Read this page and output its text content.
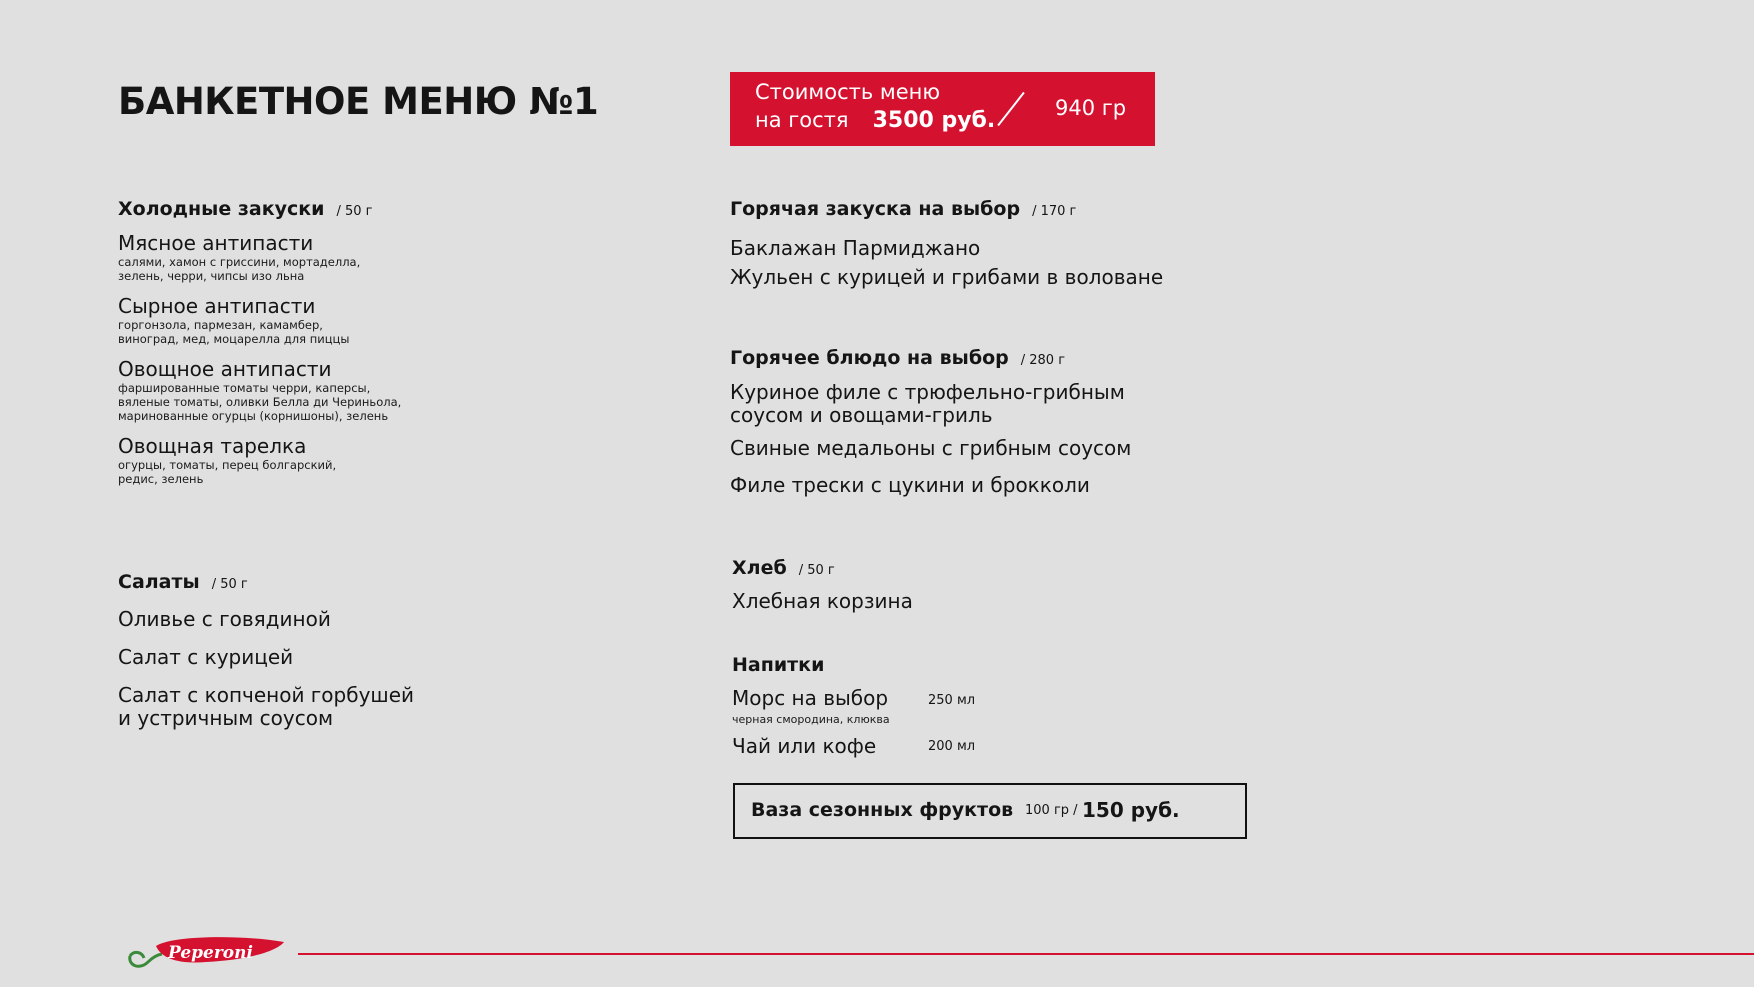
БАНКЕТНОЕ МЕНЮ №1	Стоимость меню
на гостя 3500 руб.	940 гр
Холодные закуски / 50 г
Мясное антипасти
салями, хамон с гриссини, мортаделла,
зелень, черри, чипсы изо льна
Сырное антипасти
горгонзола, пармезан, камамбер,
виноград, мед, моцарелла для пиццы
Овощное антипасти
фаршированные томаты черри, каперсы,
вяленые томаты, оливки Белла ди Чериньола,
маринованные огурцы (корнишоны), зелень
Овощная тарелка
огурцы, томаты, перец болгарский,
редис, зелень
Салаты / 50 г
Оливье с говядиной
Салат с курицей
Салат с копченой горбушей
и устричным соусом
Горячая закуска на выбор / 170 г
Баклажан Пармиджано
Жульен с курицей и грибами в воловане
Горячее блюдо на выбор / 280 г
Куриное филе с трюфельно-грибным
соусом и овощами-гриль
Свиные медальоны с грибным соусом
Филе трески с цукини и брокколи
Хлеб / 50 г
Хлебная корзина
Напитки
Морс на выбор	250 мл
черная смородина, клюква
Чай или кофе	200 мл
Ваза сезонных фруктов 100 гр / 150 руб.
Peperoni
